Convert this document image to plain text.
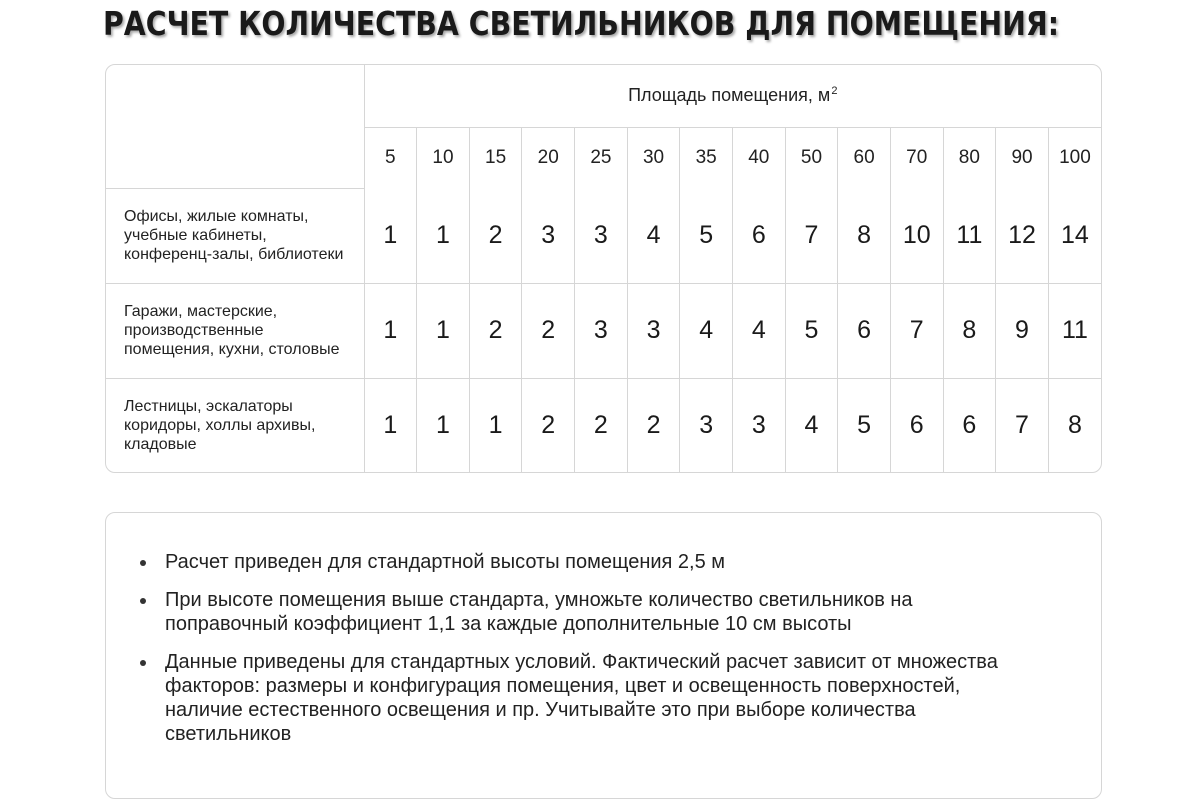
РАСЧЕТ КОЛИЧЕСТВА СВЕТИЛЬНИКОВ ДЛЯ ПОМЕЩЕНИЯ:
	Площадь помещения, $м^2$
	5	10	15	20	25	30	35	40	50	60	70	80	90	100

Офисы, жилые комнаты,
учебные кабинеты,
конференц-залы, библиотеки	1	1	2	3	3	4	5	6	7	8	10	11	12	14

Гаражи, мастерские,
производственные
помещения, кухни, столовые	1	1	2	2	3	3	4	4	5	6	7	8	9	11

Лестницы, эскалаторы
коридоры, холлы архивы,
кладовые	1	1	1	2	2	2	3	3	4	5	6	6	7	8
Расчет приведен для стандартной высоты помещения 2,5 м
При высоте помещения выше стандарта, умножьте количество светильников на
поправочный коэффициент 1,1 за каждые дополнительные 10 см высоты
Данные приведены для стандартных условий. Фактический расчет зависит от множества
факторов: размеры и конфигурация помещения, цвет и освещенность поверхностей,
наличие естественного освещения и пр. Учитывайте это при выборе количества
светильников
